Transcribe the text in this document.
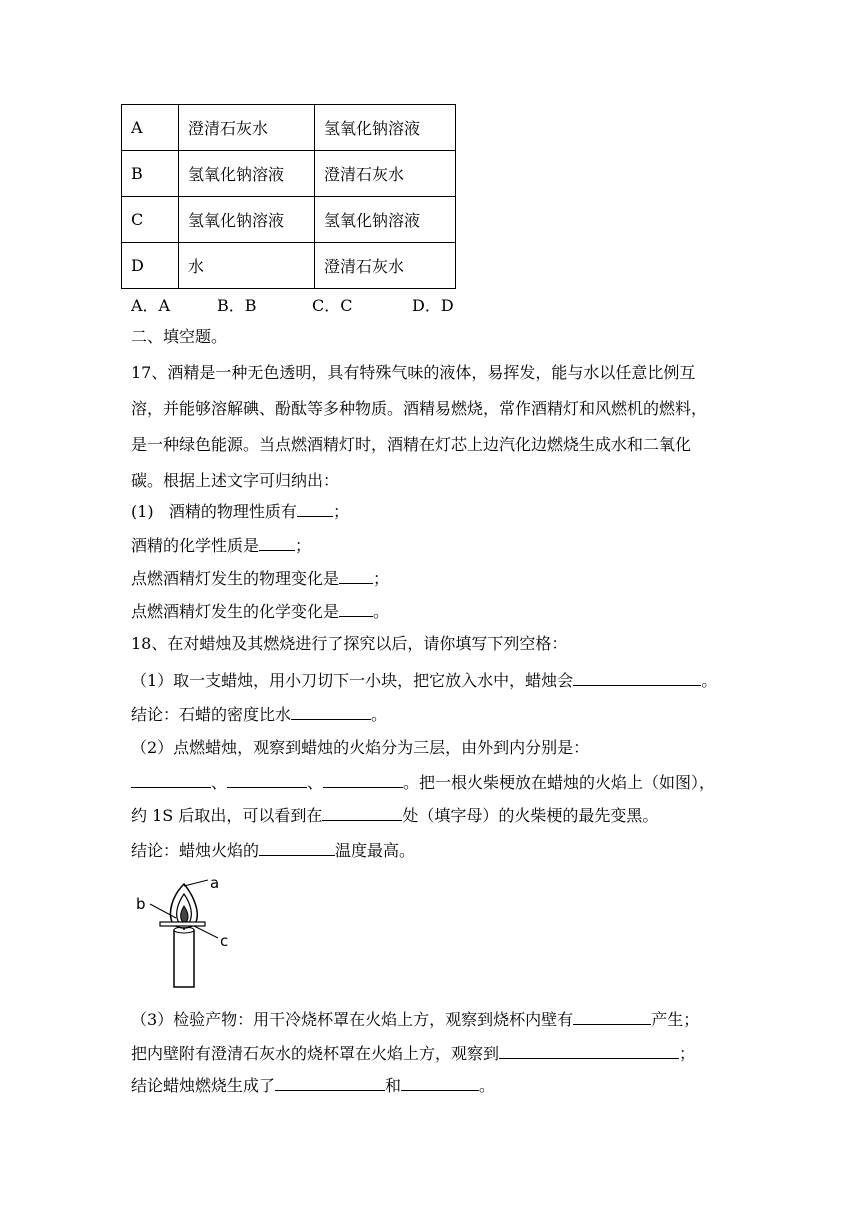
A	澄清石灰水	氢氧化钠溶液
B	氢氧化钠溶液	澄清石灰水
C	氢氧化钠溶液	氢氧化钠溶液
D	水	澄清石灰水
A．A	B．B	C．C	D．D
二、填空题。
17、酒精是一种无色透明，具有特殊气味的液体，易挥发，能与水以任意比例互
溶，并能够溶解碘、酚酞等多种物质。酒精易燃烧，常作酒精灯和风燃机的燃料，
是一种绿色能源。当点燃酒精灯时，酒精在灯芯上边汽化边燃烧生成水和二氧化
碳。根据上述文字可归纳出：
(1)   酒精的物理性质有 ；
酒精的化学性质是 ；
点燃酒精灯发生的物理变化是 ；
点燃酒精灯发生的化学变化是 。
18、在对蜡烛及其燃烧进行了探究以后，请你填写下列空格：
（1）取一支蜡烛，用小刀切下一小块，把它放入水中，蜡烛会	。
结论：石蜡的密度比水	。
（2）点燃蜡烛，观察到蜡烛的火焰分为三层，由外到内分别是：
、	、	。把一根火柴梗放在蜡烛的火焰上（如图），
约 1S 后取出，可以看到在	处（填字母）的火柴梗的最先变黑。
结论：蜡烛火焰的	温度最高。
a
b
c
（3）检验产物：用干冷烧杯罩在火焰上方，观察到烧杯内壁有	产生；
把内壁附有澄清石灰水的烧杯罩在火焰上方，观察到	；
结论蜡烛燃烧生成了	和	。
